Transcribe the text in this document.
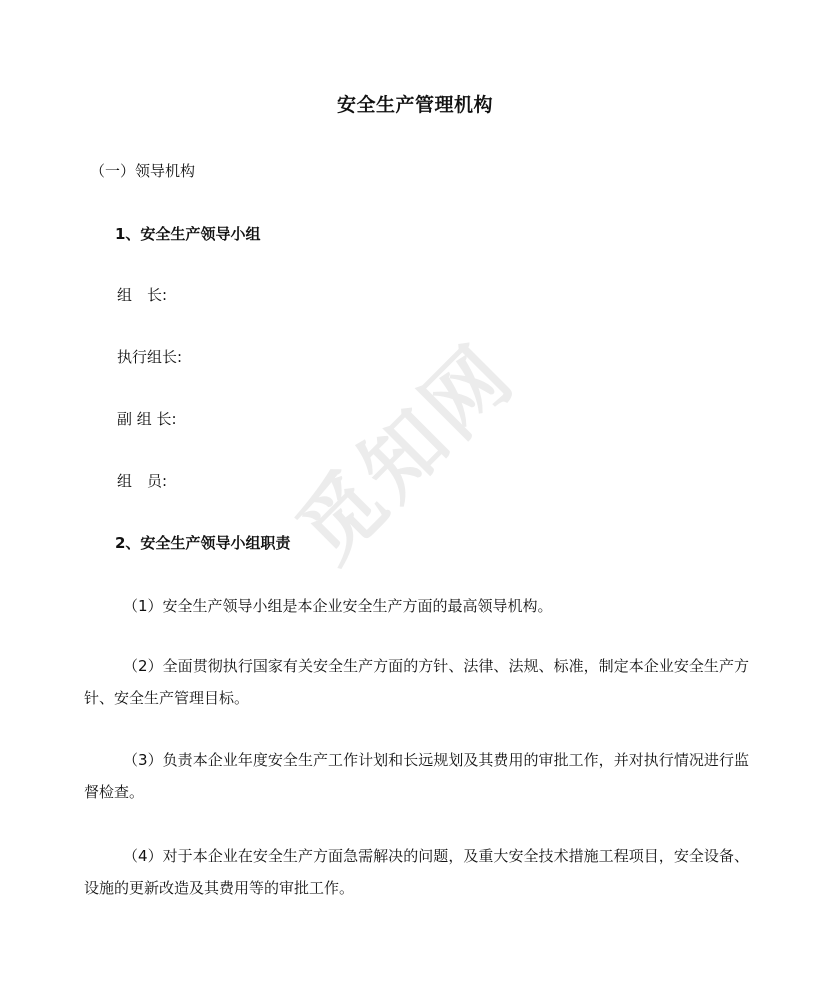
安全生产管理机构
（一）领导机构
1、安全生产领导小组
组　长:
执行组长:
副 组 长:
组　员:
2、安全生产领导小组职责
（1）安全生产领导小组是本企业安全生产方面的最高领导机构。
（2）全面贯彻执行国家有关安全生产方面的方针、法律、法规、标准，制定本企业安全生产方针、安全生产管理目标。
（3）负责本企业年度安全生产工作计划和长远规划及其费用的审批工作，并对执行情况进行监督检查。
（4）对于本企业在安全生产方面急需解决的问题，及重大安全技术措施工程项目，安全设备、设施的更新改造及其费用等的审批工作。
觅知网
